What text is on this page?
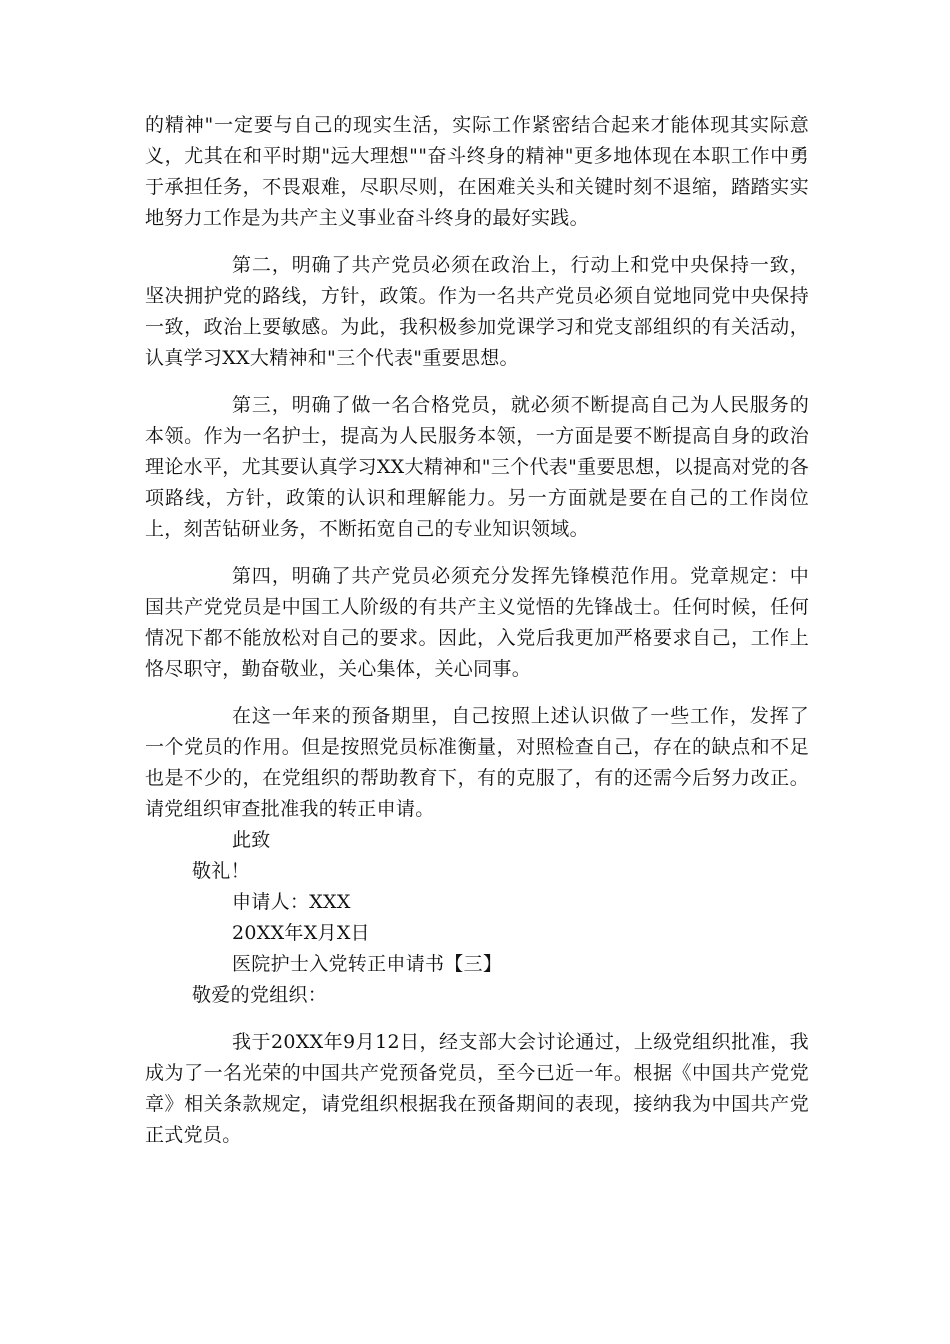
的精神"一定要与自己的现实生活，实际工作紧密结合起来才能体现其实际意义，尤其在和平时期"远大理想""奋斗终身的精神"更多地体现在本职工作中勇于承担任务，不畏艰难，尽职尽则，在困难关头和关键时刻不退缩，踏踏实实地努力工作是为共产主义事业奋斗终身的最好实践。

第二，明确了共产党员必须在政治上，行动上和党中央保持一致，坚决拥护党的路线，方针，政策。作为一名共产党员必须自觉地同党中央保持一致，政治上要敏感。为此，我积极参加党课学习和党支部组织的有关活动，认真学习XX大精神和"三个代表"重要思想。

第三，明确了做一名合格党员，就必须不断提高自己为人民服务的本领。作为一名护士，提高为人民服务本领，一方面是要不断提高自身的政治理论水平，尤其要认真学习XX大精神和"三个代表"重要思想，以提高对党的各项路线，方针，政策的认识和理解能力。另一方面就是要在自己的工作岗位上，刻苦钻研业务，不断拓宽自己的专业知识领域。

第四，明确了共产党员必须充分发挥先锋模范作用。党章规定：中国共产党党员是中国工人阶级的有共产主义觉悟的先锋战士。任何时候，任何情况下都不能放松对自己的要求。因此，入党后我更加严格要求自己，工作上恪尽职守，勤奋敬业，关心集体，关心同事。

在这一年来的预备期里，自己按照上述认识做了一些工作，发挥了一个党员的作用。但是按照党员标准衡量，对照检查自己，存在的缺点和不足也是不少的，在党组织的帮助教育下，有的克服了，有的还需今后努力改正。请党组织审查批准我的转正申请。

此致

敬礼！

申请人：XXX

20XX年X月X日

医院护士入党转正申请书【三】

敬爱的党组织：

我于20XX年9月12日，经支部大会讨论通过，上级党组织批准，我成为了一名光荣的中国共产党预备党员，至今已近一年。根据《中国共产党党章》相关条款规定，请党组织根据我在预备期间的表现，接纳我为中国共产党正式党员。
